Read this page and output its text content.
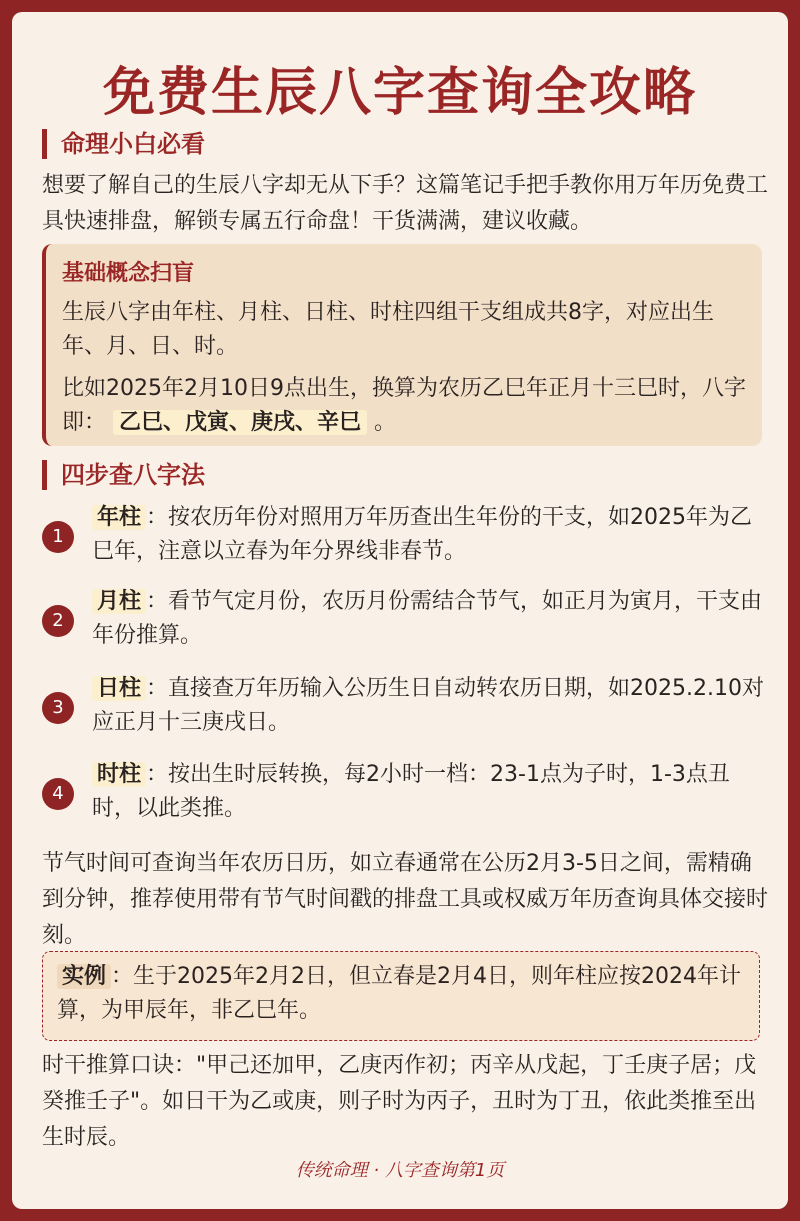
免费生辰八字查询全攻略
命理小白必看
想要了解自己的生辰八字却无从下手？这篇笔记手把手教你用万年历免费工具快速排盘，解锁专属五行命盘！干货满满，建议收藏。
基础概念扫盲
生辰八字由年柱、月柱、日柱、时柱四组干支组成共8字，对应出生年、月、日、时。
比如2025年2月10日9点出生，换算为农历乙巳年正月十三巳时，八字即： 乙巳、戊寅、庚戌、辛巳 。
四步查八字法
1
年柱 ：按农历年份对照用万年历查出生年份的干支，如2025年为乙巳年，注意以立春为年分界线非春节。
2
月柱 ：看节气定月份，农历月份需结合节气，如正月为寅月，干支由年份推算。
3
日柱 ：直接查万年历输入公历生日自动转农历日期，如2025.2.10对应正月十三庚戌日。
4
时柱 ：按出生时辰转换，每2小时一档：23-1点为子时，1-3点丑时，以此类推。
节气时间可查询当年农历日历，如立春通常在公历2月3-5日之间，需精确到分钟，推荐使用带有节气时间戳的排盘工具或权威万年历查询具体交接时刻。
实例 ：生于2025年2月2日，但立春是2月4日，则年柱应按2024年计算，为甲辰年，非乙巳年。
时干推算口诀："甲己还加甲，乙庚丙作初；丙辛从戊起，丁壬庚子居；戊癸推壬子"。如日干为乙或庚，则子时为丙子，丑时为丁丑，依此类推至出生时辰。
传统命理 · 八字查询第1页
